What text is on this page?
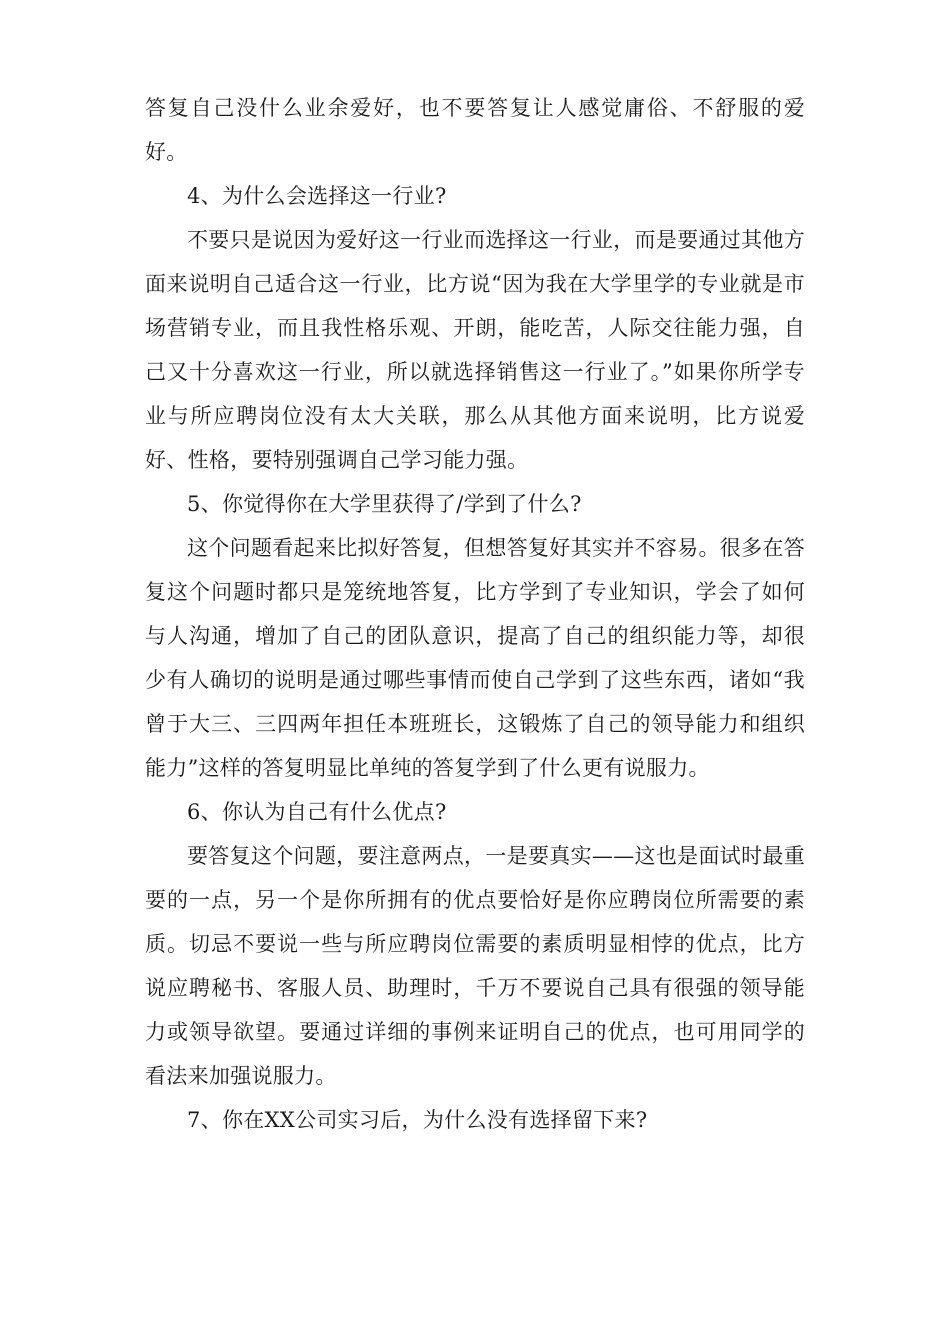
答复自己没什么业余爱好，也不要答复让人感觉庸俗、不舒服的爱好。

4、为什么会选择这一行业?

不要只是说因为爱好这一行业而选择这一行业，而是要通过其他方面来说明自己适合这一行业，比方说“因为我在大学里学的专业就是市场营销专业，而且我性格乐观、开朗，能吃苦，人际交往能力强，自己又十分喜欢这一行业，所以就选择销售这一行业了。”如果你所学专业与所应聘岗位没有太大关联，那么从其他方面来说明，比方说爱好、性格，要特别强调自己学习能力强。

5、你觉得你在大学里获得了/学到了什么?

这个问题看起来比拟好答复，但想答复好其实并不容易。很多在答复这个问题时都只是笼统地答复，比方学到了专业知识，学会了如何与人沟通，增加了自己的团队意识，提高了自己的组织能力等，却很少有人确切的说明是通过哪些事情而使自己学到了这些东西，诸如“我曾于大三、三四两年担任本班班长，这锻炼了自己的领导能力和组织能力”这样的答复明显比单纯的答复学到了什么更有说服力。

6、你认为自己有什么优点?

要答复这个问题，要注意两点，一是要真实——这也是面试时最重要的一点，另一个是你所拥有的优点要恰好是你应聘岗位所需要的素质。切忌不要说一些与所应聘岗位需要的素质明显相悖的优点，比方说应聘秘书、客服人员、助理时，千万不要说自己具有很强的领导能力或领导欲望。要通过详细的事例来证明自己的优点，也可用同学的看法来加强说服力。

7、你在XX公司实习后，为什么没有选择留下来?
